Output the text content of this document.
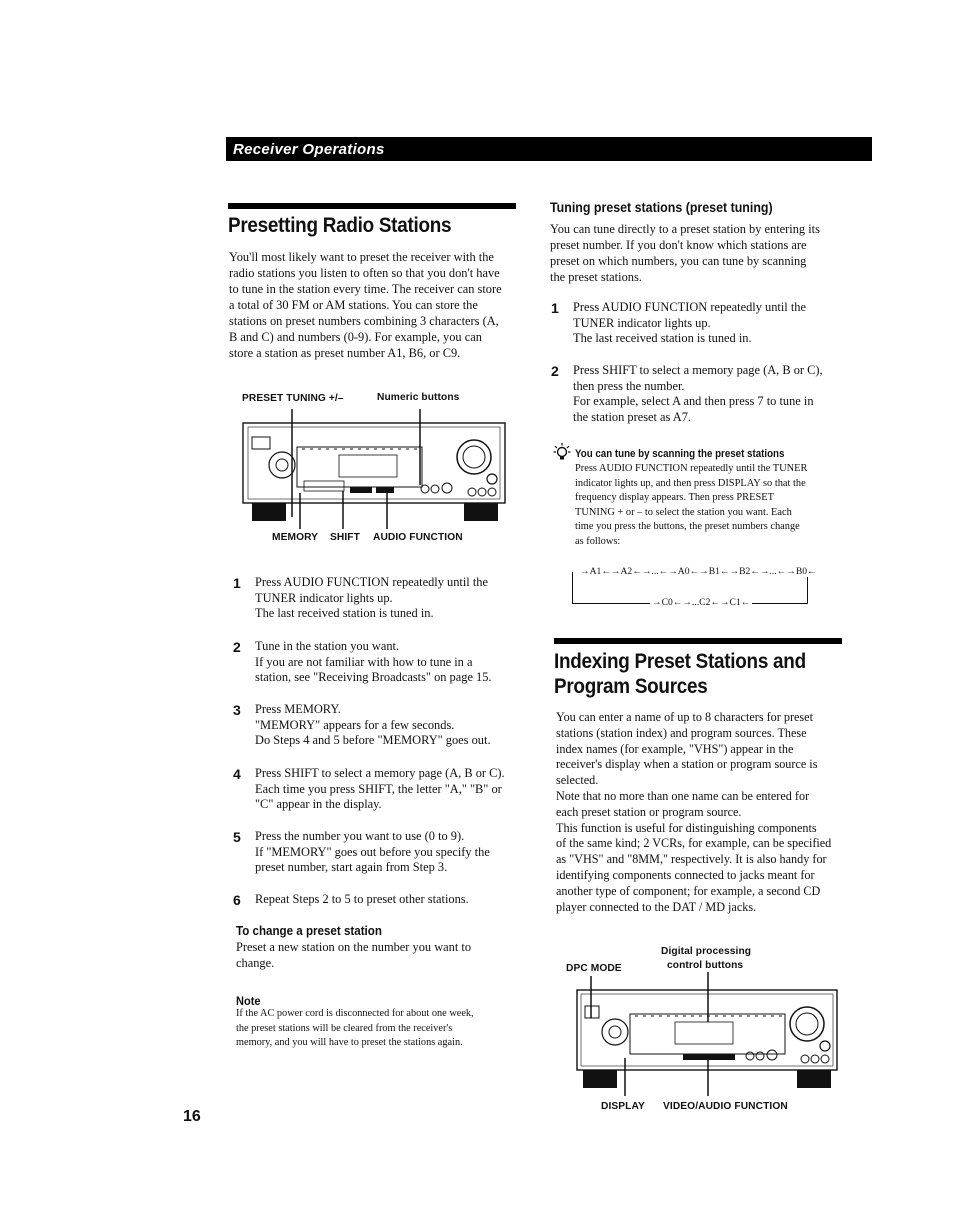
Receiver Operations
Presetting Radio Stations
You'll most likely want to preset the receiver with the
radio stations you listen to often so that you don't have
to tune in the station every time. The receiver can store
a total of 30 FM or AM stations. You can store the
stations on preset numbers combining 3 characters (A,
B and C) and numbers (0-9). For example, you can
store a station as preset number A1, B6, or C9.
PRESET TUNING +/–	Numeric buttons
MEMORY SHIFT AUDIO FUNCTION
1 Press AUDIO FUNCTION repeatedly until the
TUNER indicator lights up.
The last received station is tuned in.
2 Tune in the station you want.
If you are not familiar with how to tune in a
station, see "Receiving Broadcasts" on page 15.
3 Press MEMORY.
"MEMORY" appears for a few seconds.
Do Steps 4 and 5 before "MEMORY" goes out.
4 Press SHIFT to select a memory page (A, B or C).
Each time you press SHIFT, the letter "A," "B" or
"C" appear in the display.
5 Press the number you want to use (0 to 9).
If "MEMORY" goes out before you specify the
preset number, start again from Step 3.
6 Repeat Steps 2 to 5 to preset other stations.
To change a preset station
Preset a new station on the number you want to
change.
Note
If the AC power cord is disconnected for about one week,
the preset stations will be cleared from the receiver's
memory, and you will have to preset the stations again.
16
Tuning preset stations (preset tuning)
You can tune directly to a preset station by entering its
preset number. If you don't know which stations are
preset on which numbers, you can tune by scanning
the preset stations.
1 Press AUDIO FUNCTION repeatedly until the
TUNER indicator lights up.
The last received station is tuned in.
2 Press SHIFT to select a memory page (A, B or C),
then press the number.
For example, select A and then press 7 to tune in
the station preset as A7.
You can tune by scanning the preset stations
Press AUDIO FUNCTION repeatedly until the TUNER
indicator lights up, and then press DISPLAY so that the
frequency display appears. Then press PRESET
TUNING + or – to select the station you want. Each
time you press the buttons, the preset numbers change
as follows:
→A1←→A2←→...←→A0←→B1←→B2←→...←→B0←
→C0←→...C2←→C1←
Indexing Preset Stations and
Program Sources
You can enter a name of up to 8 characters for preset
stations (station index) and program sources. These
index names (for example, "VHS") appear in the
receiver's display when a station or program source is
selected.
Note that no more than one name can be entered for
each preset station or program source.
This function is useful for distinguishing components
of the same kind; 2 VCRs, for example, can be specified
as "VHS" and "8MM," respectively. It is also handy for
identifying components connected to jacks meant for
another type of component; for example, a second CD
player connected to the DAT / MD jacks.
Digital processing
control buttons
DPC MODE
DISPLAY VIDEO/AUDIO FUNCTION
